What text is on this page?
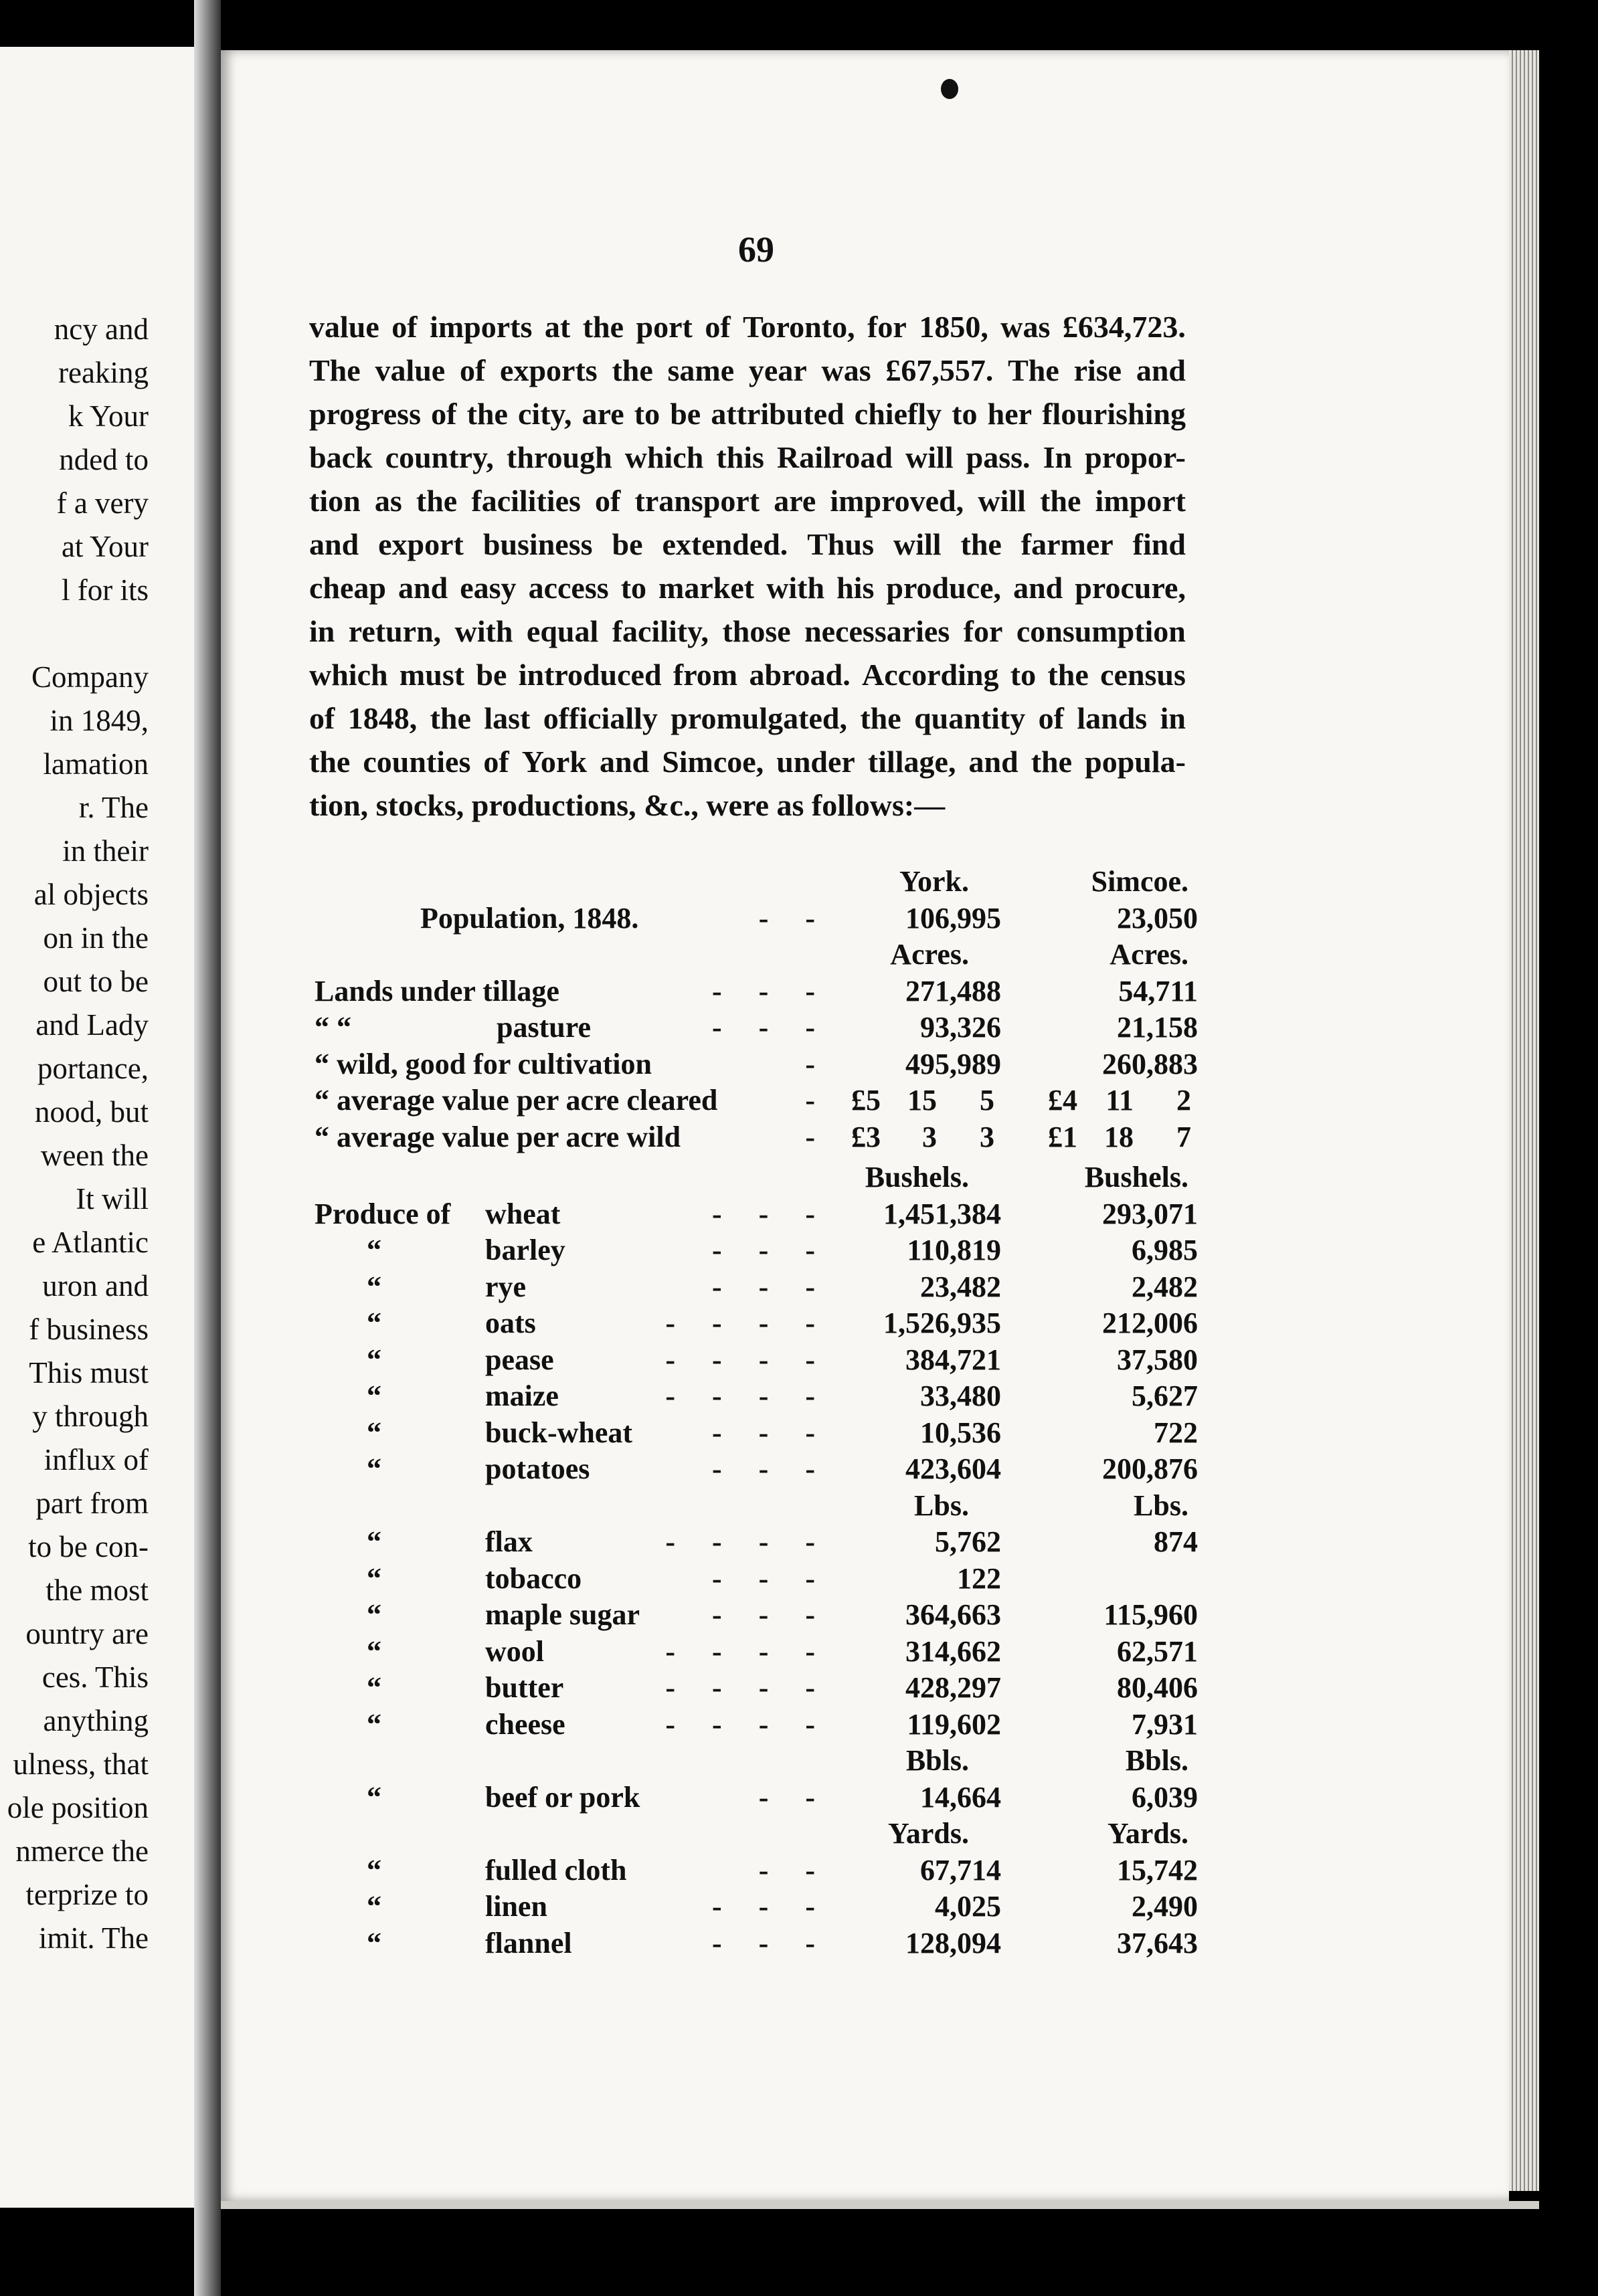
ncy and
reaking
k Your
nded to
f a very
at Your
l for its
Company
in 1849,
lamation
r. The
in their
al objects
on in the
out to be
and Lady
portance,
nood, but
ween the
It will
e Atlantic
uron and
f business
This must
y through
influx of
part from
to be con-
the most
ountry are
ces. This
anything
ulness, that
ole position
nmerce the
terprize to
imit. The
69
value of imports at the port of Toronto, for 1850, was £634,723.
The value of exports the same year was £67,557. The rise and
progress of the city, are to be attributed chiefly to her flourishing
back country, through which this Railroad will pass. In propor-
tion as the facilities of transport are improved, will the import
and export business be extended. Thus will the farmer find
cheap and easy access to market with his produce, and procure,
in return, with equal facility, those necessaries for consumption
which must be introduced from abroad. According to the census
of 1848, the last officially promulgated, the quantity of lands in
the counties of York and Simcoe, under tillage, and the popula-
tion, stocks, productions, &c., were as follows:—
York.	Simcoe.
Population, 1848.	-     -	106,995	23,050
Acres.	Acres.
Lands under tillage	-     -     -	271,488	54,711
“ “	pasture	-     -     -	93,326	21,158
“ wild, good for cultivation	-	495,989	260,883
“ average value per acre cleared	- £5 15 5 £4 11 2
“ average value per acre wild	- £3 3 3 £1 18 7
Bushels.	Bushels.
Produce of wheat	-     -     - 1,451,384	293,071
“	barley	-     -     -	110,819	6,985
“	rye	-     -     -	23,482	2,482
“	oats	-     -     -     - 1,526,935	212,006
“	pease	-     -     -     -	384,721	37,580
“	maize	-     -     -     -	33,480	5,627
“	buck-wheat	-     -     -	10,536	722
“	potatoes	-     -     -	423,604	200,876
Lbs.	Lbs.
“	flax	-     -     -     -	5,762	874
“	tobacco	-     -     -	122
“	maple sugar -     -     -	364,663	115,960
“	wool	-     -     -     -	314,662	62,571
“	butter	-     -     -     -	428,297	80,406
“	cheese	-     -     -     -	119,602	7,931
Bbls.	Bbls.
“	beef or pork	-     -	14,664	6,039
Yards.	Yards.
“	fulled cloth	-     -	67,714	15,742
“	linen	-     -     -	4,025	2,490
“	flannel	-     -     -	128,094	37,643
